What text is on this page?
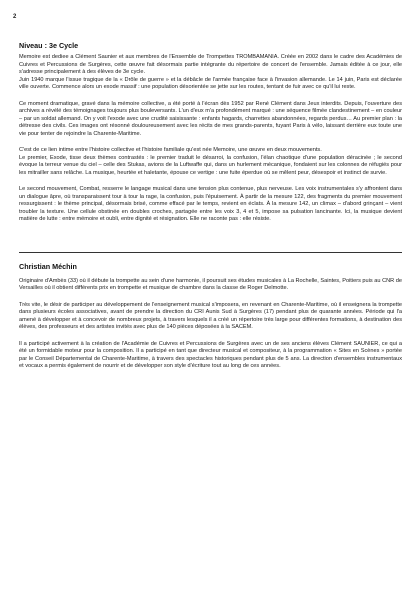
2
Niveau : 3e Cycle

Memoire est dediee a Clément Saunier et aux membres de l'Ensemble de Trompettes TROMBAMANIA. Créée en 2002 dans le cadre des Académies de Cuivres et Percussions de Surgères, cette œuvre fait désormais partie intégrante du répertoire de concert de l'ensemble. Jamais éditée à ce jour, elle s'adresse principalement à des élèves de 3e cycle.

Juin 1940 marque l'issue tragique de la « Drôle de guerre » et la débâcle de l'armée française face à l'invasion allemande. Le 14 juin, Paris est déclarée ville ouverte. Commence alors un exode massif : une population désorientée se jette sur les routes, tentant de fuir avec ce qu'il lui reste.

Ce moment dramatique, gravé dans la mémoire collective, a été porté à l'écran dès 1952 par René Clément dans Jeux interdits. Depuis, l'ouverture des archives a révélé des témoignages toujours plus bouleversants. L'un d'eux m'a profondément marqué : une séquence filmée clandestinement – en couleur – par un soldat allemand. On y voit l'exode avec une crudité saisissante : enfants hagards, charrettes abandonnées, regards perdus… Au premier plan : la détresse des civils. Ces images ont résonné douloureusement avec les récits de mes grands-parents, fuyant Paris à vélo, laissant derrière eux toute une vie pour tenter de rejoindre la Charente-Maritime.

C'est de ce lien intime entre l'histoire collective et l'histoire familiale qu'est née Memoire, une œuvre en deux mouvements.

Le premier, Exode, tisse deux thèmes contrastés : le premier traduit le désarroi, la confusion, l'élan chaotique d'une population déracinée ; le second évoque la terreur venue du ciel – celle des Stukas, avions de la Luftwaffe qui, dans un hurlement mécanique, fondaient sur les colonnes de réfugiés pour les mitrailler sans relâche. La musique, heurtée et haletante, épouse ce vertige : une fuite éperdue où se mêlent peur, désespoir et instinct de survie.

Le second mouvement, Combat, resserre le langage musical dans une tension plus contenue, plus nerveuse. Les voix instrumentales s'y affrontent dans un dialogue âpre, où transparaissent tour à tour la rage, la confusion, puis l'épuisement. À partir de la mesure 122, des fragments du premier mouvement ressurgissent : le thème principal, désormais brisé, comme effacé par le temps, revient en éclats. À la mesure 142, un climax – d'abord grinçant – vient troubler la texture. Une cellule obstinée en doubles croches, partagée entre les voix 3, 4 et 5, impose sa pulsation lancinante. Ici, la musique devient matière de lutte : entre mémoire et oubli, entre dignité et résignation. Elle ne raconte pas : elle résiste.

Christian Méchin

Originaire d'Ambès (33) où il débute la trompette au sein d'une harmonie, il poursuit ses études musicales à La Rochelle, Saintes, Poitiers puis au CNR de Versailles où il obtient différents prix en trompette et musique de chambre dans la classe de Roger Delmotte.

Très vite, le désir de participer au développement de l'enseignement musical s'imposera, en revenant en Charente-Maritime, où il enseignera la trompette dans plusieurs écoles associatives, avant de prendre la direction du CRI Aunis Sud à Surgères (17) pendant plus de quarante années. Période qui l'a amené à développer et à concevoir de nombreux projets, à travers lesquels il a créé un répertoire très large pour différentes formations, à destination des élèves, des professeurs et des artistes invités avec plus de 140 pièces déposées à la SACEM.

Il a participé activement à la création de l'Académie de Cuivres et Percussions de Surgères avec un de ses anciens élèves Clément SAUNIER, ce qui a été un formidable moteur pour la composition. Il a participé en tant que directeur musical et compositeur, à la programmation « Sites en Scènes » portée par le Conseil Départemental de Charente-Maritime, à travers des spectacles historiques pendant plus de 5 ans. La direction d'ensembles instrumentaux et vocaux a permis également de nourrir et de développer son style d'écriture tout au long de ces années.
